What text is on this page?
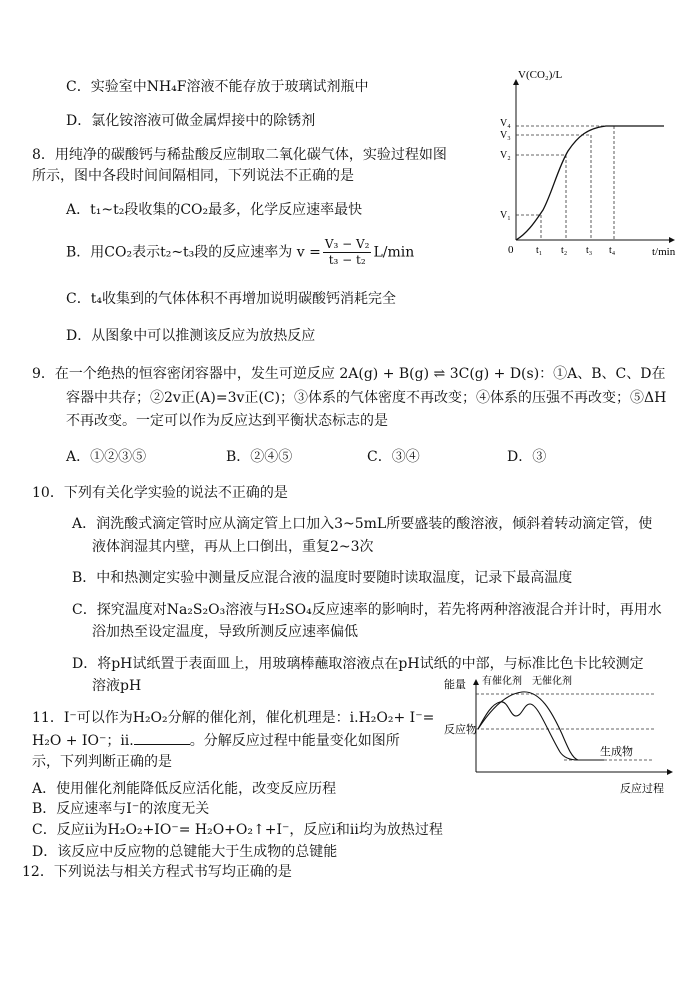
C．实验室中NH₄F溶液不能存放于玻璃试剂瓶中
D．氯化铵溶液可做金属焊接中的除锈剂
8．用纯净的碳酸钙与稀盐酸反应制取二氧化碳气体，实验过程如图
所示，图中各段时间间隔相同，下列说法不正确的是
A．t₁~t₂段收集的CO₂最多，化学反应速率最快
B．用CO₂表示t₂~t₃段的反应速率为 $v = \frac{\text{V₃ − V₂}}{\text{t₃ − t₂}} L/\min$
C．t₄收集到的气体体积不再增加说明碳酸钙消耗完全
D．从图象中可以推测该反应为放热反应
V(CO₂)/L
t/min
0
V₄
V₃
V₂
V₁
t₁ t₂ t₃ t₄
9．在一个绝热的恒容密闭容器中，发生可逆反应 2A(g) + B(g) ⇌ 3C(g) + D(s)：①A、B、C、D在
容器中共存；②2v正(A)=3v正(C)；③体系的气体密度不再改变；④体系的压强不再改变；⑤ΔH
不再改变。一定可以作为反应达到平衡状态标志的是
A．①②③⑤	B．②④⑤	C．③④	D．③
10．下列有关化学实验的说法不正确的是
A．润洗酸式滴定管时应从滴定管上口加入3~5mL所要盛装的酸溶液，倾斜着转动滴定管，使
液体润湿其内壁，再从上口倒出，重复2~3次
B．中和热测定实验中测量反应混合液的温度时要随时读取温度，记录下最高温度
C．探究温度对Na₂S₂O₃溶液与H₂SO₄反应速率的影响时，若先将两种溶液混合并计时，再用水
浴加热至设定温度，导致所测反应速率偏低
D．将pH试纸置于表面皿上，用玻璃棒蘸取溶液点在pH试纸的中部，与标准比色卡比较测定
溶液pH	能量
反应物
生成物
有催化剂 无催化剂
反应过程
11．I⁻可以作为H₂O₂分解的催化剂，催化机理是：i.H₂O₂+ I⁻=
H₂O + IO⁻；ii.	。分解反应过程中能量变化如图所
示，下列判断正确的是
A．使用催化剂能降低反应活化能，改变反应历程
B．反应速率与I⁻的浓度无关
C．反应ii为H₂O₂+IO⁻= H₂O+O₂↑+I⁻，反应ⅰ和ⅱ均为放热过程
D．该反应中反应物的总键能大于生成物的总键能
12．下列说法与相关方程式书写均正确的是
